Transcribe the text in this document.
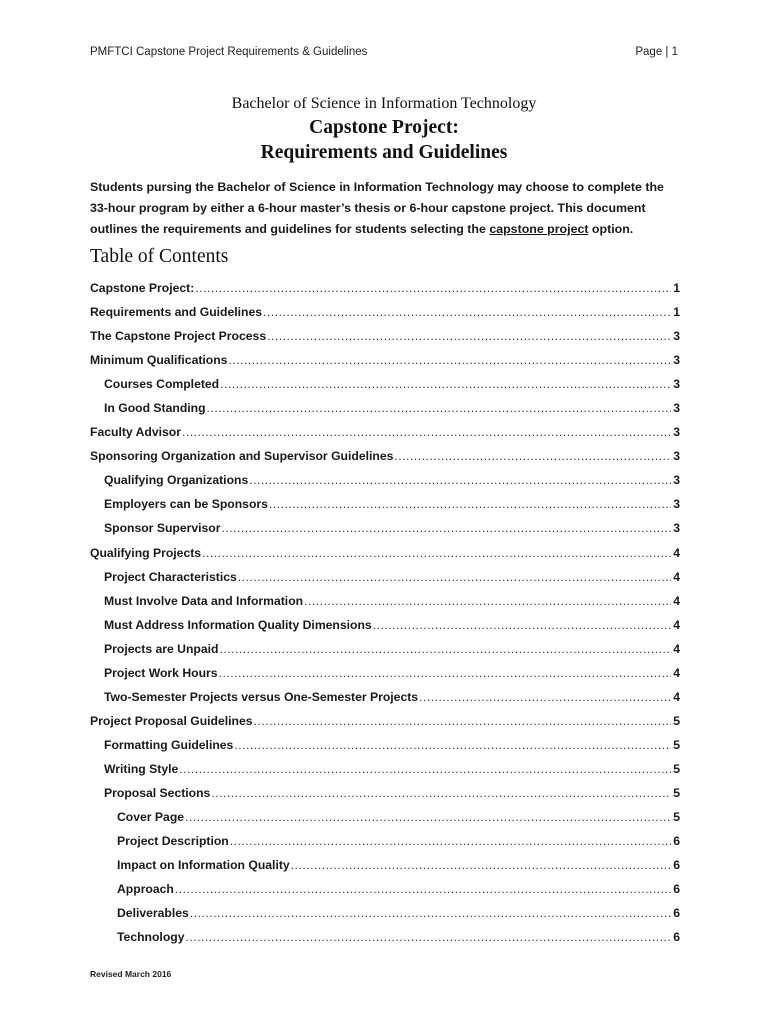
PMFTCI Capstone Project Requirements & Guidelines	Page | 1
Bachelor of Science in Information Technology
Capstone Project:
Requirements and Guidelines

Students pursing the Bachelor of Science in Information Technology may choose to complete the 33-hour program by either a 6-hour master’s thesis or 6-hour capstone project. This document outlines the requirements and guidelines for students selecting the capstone project option.

Table of Contents
Capstone Project: .....	1
Requirements and Guidelines .....	1
The Capstone Project Process .....	3
Minimum Qualifications .....	3
Courses Completed .....	3
In Good Standing .....	3
Faculty Advisor .....	3
Sponsoring Organization and Supervisor Guidelines .....	3
Qualifying Organizations .....	3
Employers can be Sponsors .....	3
Sponsor Supervisor .....	3
Qualifying Projects .....	4
Project Characteristics .....	4
Must Involve Data and Information .....	4
Must Address Information Quality Dimensions .....	4
Projects are Unpaid .....	4
Project Work Hours .....	4
Two-Semester Projects versus One-Semester Projects .....	4
Project Proposal Guidelines .....	5
Formatting Guidelines .....	5
Writing Style .....	5
Proposal Sections .....	5
Cover Page .....	5
Project Description .....	6
Impact on Information Quality .....	6
Approach .....	6
Deliverables .....	6
Technology .....	6
Revised March 2016
